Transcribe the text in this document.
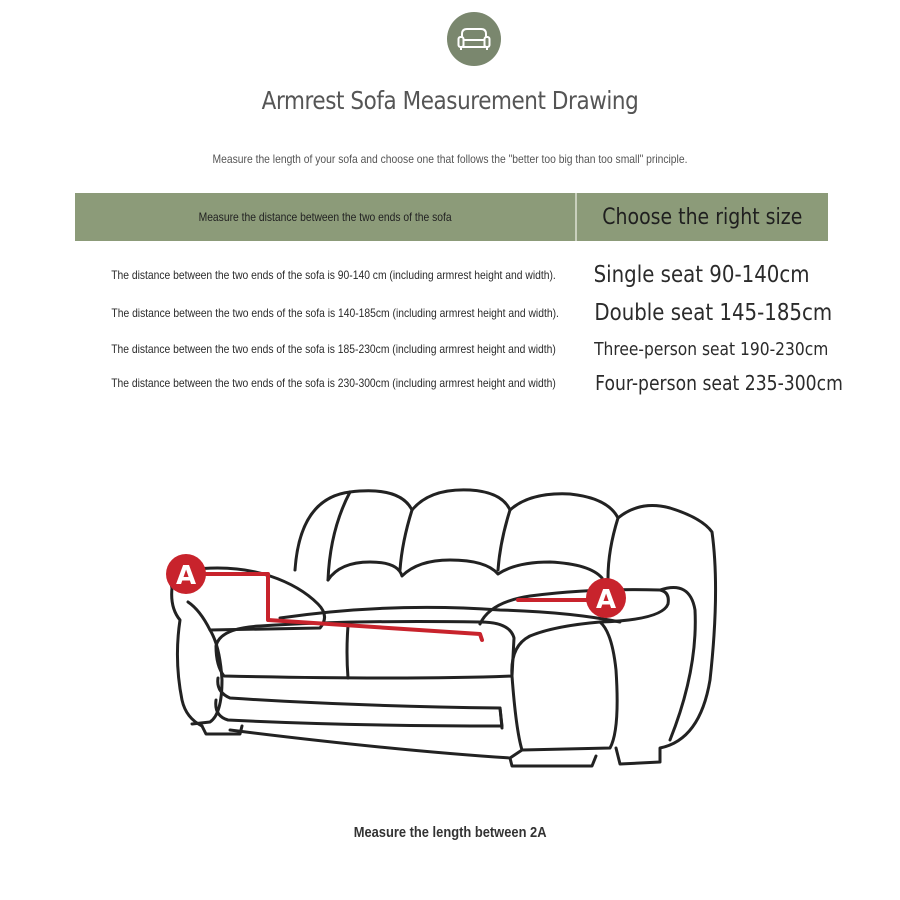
Armrest Sofa Measurement Drawing
Measure the length of your sofa and choose one that follows the "better too big than too small" principle.
Measure the distance between the two ends of the sofa	Choose the right size
The distance between the two ends of the sofa is 90-140 cm (including armrest height and width).	Single seat 90-140cm
The distance between the two ends of the sofa is 140-185cm (including armrest height and width).	Double seat 145-185cm
The distance between the two ends of the sofa is 185-230cm (including armrest height and width)	Three-person seat 190-230cm
The distance between the two ends of the sofa is 230-300cm (including armrest height and width)	Four-person seat 235-300cm
A
A
Measure the length between 2A
